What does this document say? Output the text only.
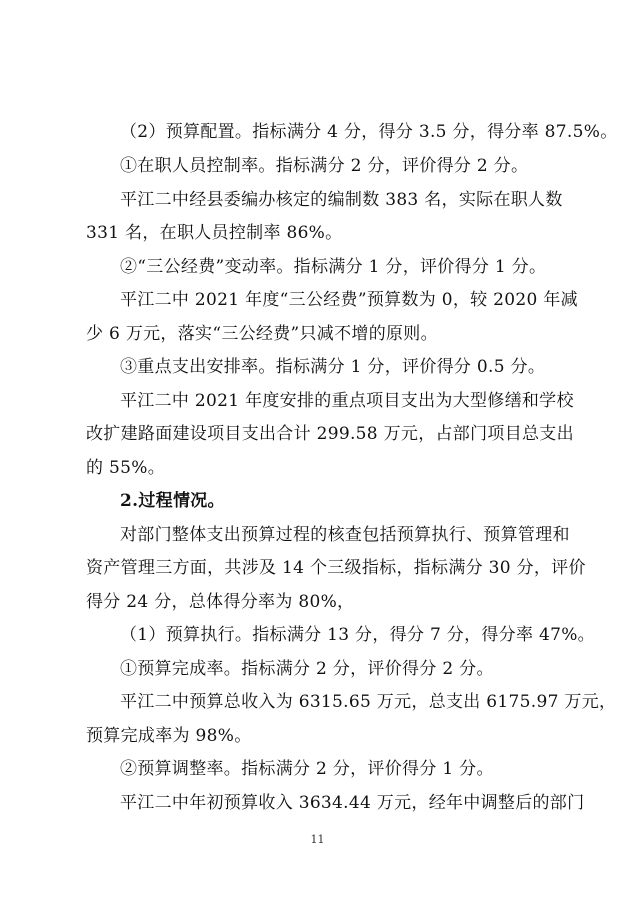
（2）预算配置。指标满分 4 分，得分 3.5 分，得分率 87.5%。
①在职人员控制率。指标满分 2 分，评价得分 2 分。
平江二中经县委编办核定的编制数 383 名，实际在职人数
331 名，在职人员控制率 86%。
②“三公经费”变动率。指标满分 1 分，评价得分 1 分。
平江二中 2021 年度“三公经费”预算数为 0，较 2020 年减
少 6 万元，落实“三公经费”只减不增的原则。
③重点支出安排率。指标满分 1 分，评价得分 0.5 分。
平江二中 2021 年度安排的重点项目支出为大型修缮和学校
改扩建路面建设项目支出合计 299.58 万元，占部门项目总支出
的 55%。
2.过程情况。
对部门整体支出预算过程的核查包括预算执行、预算管理和
资产管理三方面，共涉及 14 个三级指标，指标满分 30 分，评价
得分 24 分，总体得分率为 80%，
（1）预算执行。指标满分 13 分，得分 7 分，得分率 47%。
①预算完成率。指标满分 2 分，评价得分 2 分。
平江二中预算总收入为 6315.65 万元，总支出 6175.97 万元，
预算完成率为 98%。
②预算调整率。指标满分 2 分，评价得分 1 分。
平江二中年初预算收入 3634.44 万元，经年中调整后的部门
11
